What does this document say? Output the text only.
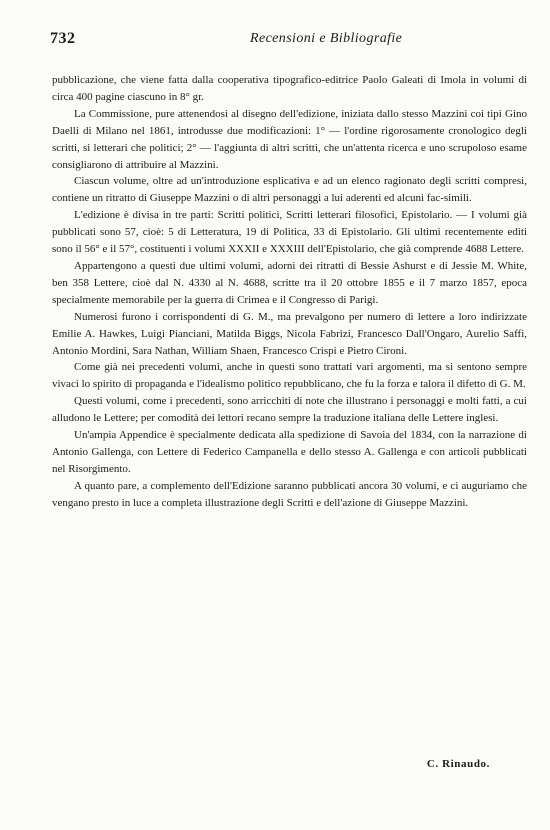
732	Recensioni e Bibliografie

pubblicazione, che viene fatta dalla cooperativa tipografico-editrice Paolo Galeati di Imola in volumi di circa 400 pagine ciascuno in 8° gr.

La Commissione, pure attenendosi al disegno dell'edizione, iniziata dallo stesso Mazzini coi tipi Gino Daelli di Milano nel 1861, introdusse due modificazioni: 1° — l'ordine rigorosamente cronologico degli scritti, si letterari che politici; 2° — l'aggiunta di altri scritti, che un'attenta ricerca e uno scrupoloso esame consigliarono di attribuire al Mazzini.

Ciascun volume, oltre ad un'introduzione esplicativa e ad un elenco ragionato degli scritti compresi, contiene un ritratto di Giuseppe Mazzini o di altri personaggi a lui aderenti ed alcuni fac-simili.

L'edizione è divisa in tre parti: Scritti politici, Scritti letterari filosofici, Epistolario. — I volumi già pubblicati sono 57, cioè: 5 di Letteratura, 19 di Politica, 33 di Epistolario. Gli ultimi recentemente editi sono il 56° e il 57°, costituenti i volumi XXXII e XXXIII dell'Epistolario, che già comprende 4688 Lettere.

Appartengono a questi due ultimi volumi, adorni dei ritratti di Bessie Ashurst e di Jessie M. White, ben 358 Lettere, cioè dal N. 4330 al N. 4688, scritte tra il 20 ottobre 1855 e il 7 marzo 1857, epoca specialmente memorabile per la guerra di Crimea e il Congresso di Parigi.

Numerosi furono i corrispondenti di G. M., ma prevalgono per numero di lettere a loro indirizzate Emilie A. Hawkes, Luigi Pianciani, Matilda Biggs, Nicola Fabrizi, Francesco Dall'Ongaro, Aurelio Saffi, Antonio Mordini, Sara Nathan, William Shaen, Francesco Crispi e Pietro Cironi.

Come già nei precedenti volumi, anche in questi sono trattati vari argomenti, ma si sentono sempre vivaci lo spirito di propaganda e l'idealismo politico repubblicano, che fu la forza e talora il difetto di G. M.

Questi volumi, come i precedenti, sono arricchiti di note che illustrano i personaggi e molti fatti, a cui alludono le Lettere; per comodità dei lettori recano sempre la traduzione italiana delle Lettere inglesi.

Un'ampia Appendice è specialmente dedicata alla spedizione di Savoia del 1834, con la narrazione di Antonio Gallenga, con Lettere di Federico Campanella e dello stesso A. Gallenga e con articoli pubblicati nel Risorgimento.

A quanto pare, a complemento dell'Edizione saranno pubblicati ancora 30 volumi, e ci auguriamo che vengano presto in luce a completa illustrazione degli Scritti e dell'azione di Giuseppe Mazzini.

C. Rinaudo.
